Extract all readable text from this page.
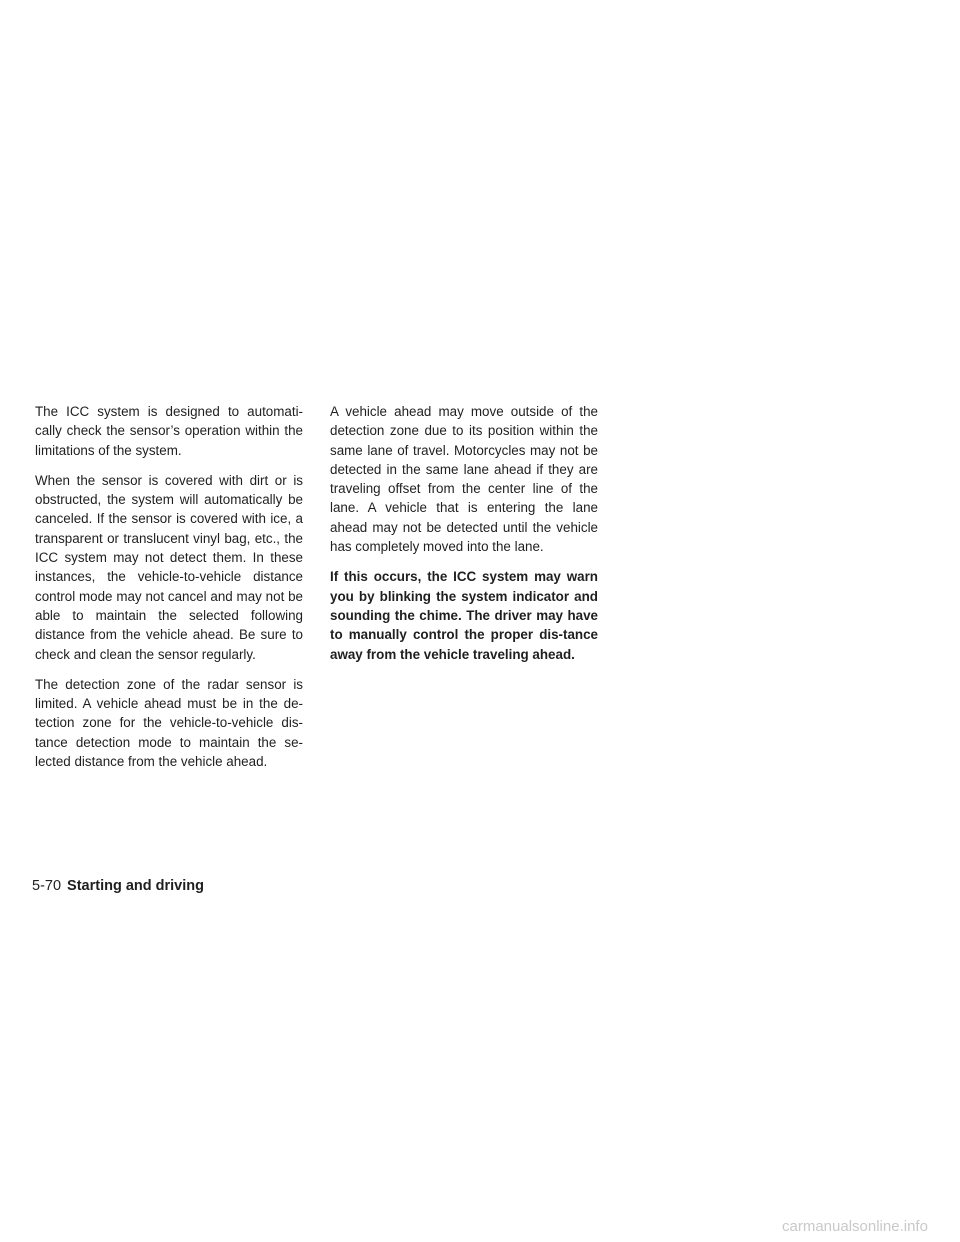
The ICC system is designed to automati-cally check the sensor’s operation within the limitations of the system.

When the sensor is covered with dirt or is obstructed, the system will automatically be canceled. If the sensor is covered with ice, a transparent or translucent vinyl bag, etc., the ICC system may not detect them. In these instances, the vehicle-to-vehicle distance control mode may not cancel and may not be able to maintain the selected following distance from the vehicle ahead. Be sure to check and clean the sensor regularly.

The detection zone of the radar sensor is limited. A vehicle ahead must be in the de-tection zone for the vehicle-to-vehicle dis-tance detection mode to maintain the se-lected distance from the vehicle ahead.

A vehicle ahead may move outside of the detection zone due to its position within the same lane of travel. Motorcycles may not be detected in the same lane ahead if they are traveling offset from the center line of the lane. A vehicle that is entering the lane ahead may not be detected until the vehicle has completely moved into the lane.

If this occurs, the ICC system may warn you by blinking the system indicator and sounding the chime. The driver may have to manually control the proper dis-tance away from the vehicle traveling ahead.

5-70 Starting and driving
carmanualsonline.info
